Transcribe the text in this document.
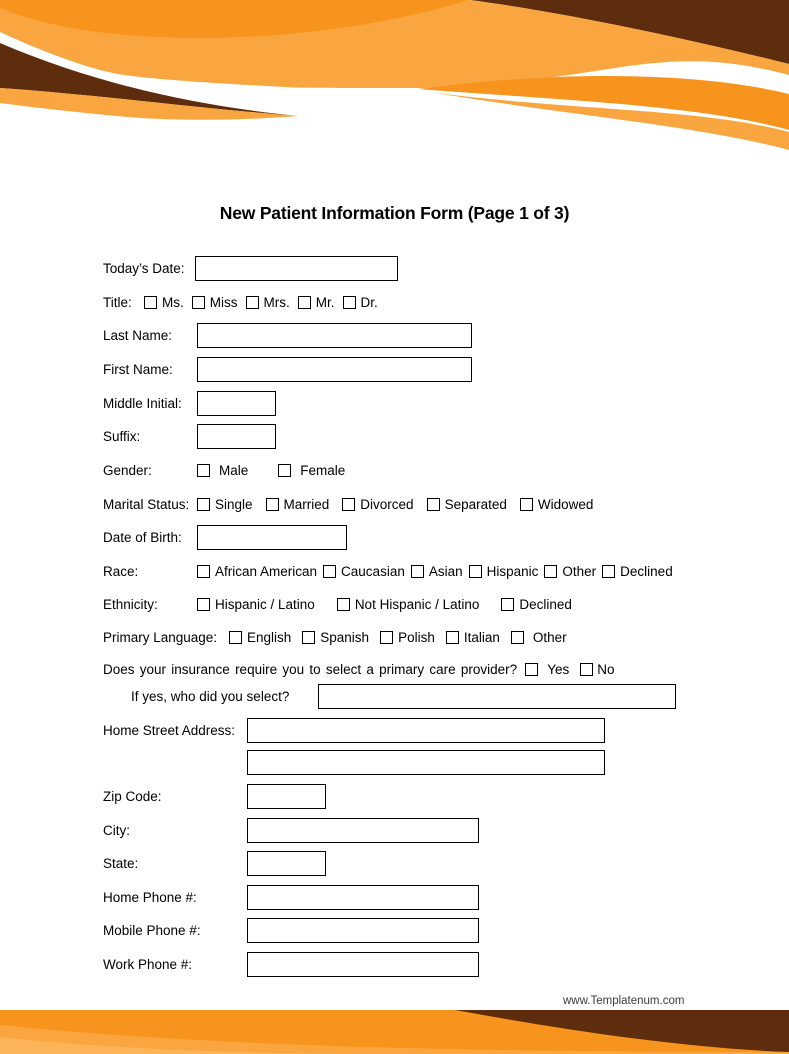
New Patient Information Form (Page 1 of 3)
Today’s Date:
Title:	Ms. Miss Mrs. Mr. Dr.
Last Name:
First Name:
Middle Initial:
Suffix:
Gender:	Male	Female
Marital Status:	Single Married Divorced Separated Widowed
Date of Birth:
Race:	African American Caucasian Asian Hispanic Other Declined
Ethnicity:	Hispanic / Latino	Not Hispanic / Latino	Declined
Primary Language:	English Spanish Polish Italian Other
Does your insurance require you to select a primary care provider? Yes No
If yes, who did you select?
Home Street Address:
Zip Code:
City:
State:
Home Phone #:
Mobile Phone #:
Work Phone #:
www.Templatenum.com
